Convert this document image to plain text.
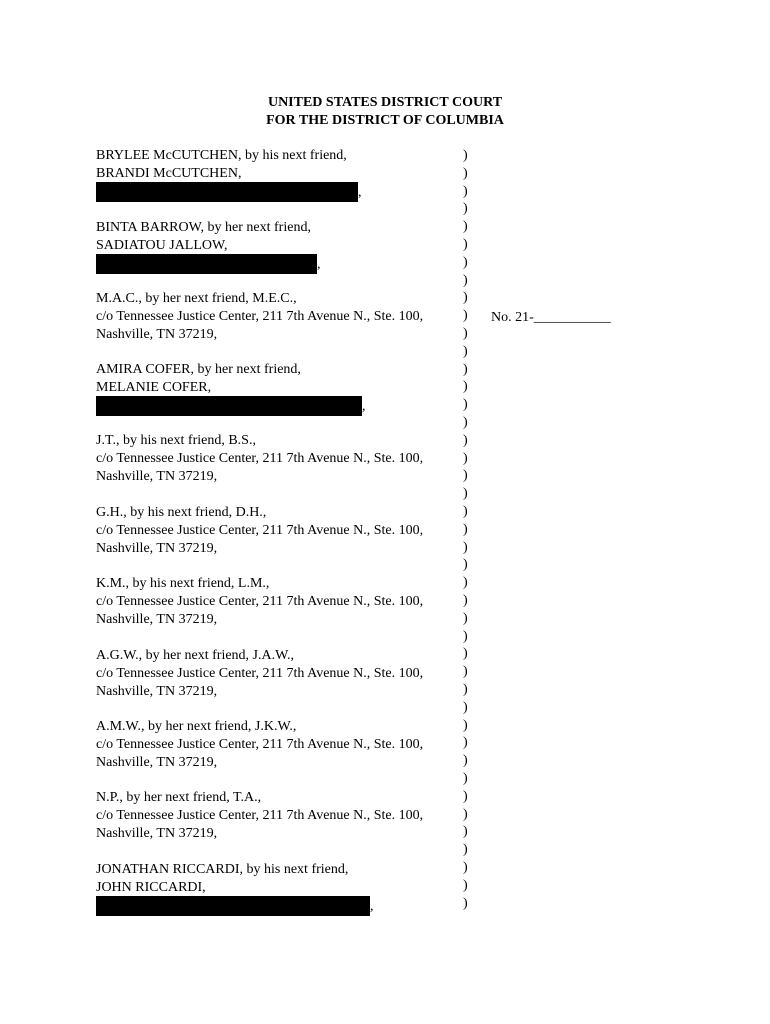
UNITED STATES DISTRICT COURT
FOR THE DISTRICT OF COLUMBIA
BRYLEE McCUTCHEN, by his next friend,
BRANDI McCUTCHEN,
,
BINTA BARROW, by her next friend,
SADIATOU JALLOW,
,
M.A.C., by her next friend, M.E.C.,
c/o Tennessee Justice Center, 211 7th Avenue N., Ste. 100,
Nashville, TN 37219,
AMIRA COFER, by her next friend,
MELANIE COFER,
,
J.T., by his next friend, B.S.,
c/o Tennessee Justice Center, 211 7th Avenue N., Ste. 100,
Nashville, TN 37219,
G.H., by his next friend, D.H.,
c/o Tennessee Justice Center, 211 7th Avenue N., Ste. 100,
Nashville, TN 37219,
K.M., by his next friend, L.M.,
c/o Tennessee Justice Center, 211 7th Avenue N., Ste. 100,
Nashville, TN 37219,
A.G.W., by her next friend, J.A.W.,
c/o Tennessee Justice Center, 211 7th Avenue N., Ste. 100,
Nashville, TN 37219,
A.M.W., by her next friend, J.K.W.,
c/o Tennessee Justice Center, 211 7th Avenue N., Ste. 100,
Nashville, TN 37219,
N.P., by her next friend, T.A.,
c/o Tennessee Justice Center, 211 7th Avenue N., Ste. 100,
Nashville, TN 37219,
JONATHAN RICCARDI, by his next friend,
JOHN RICCARDI,
,
No. 21-___________
)
)
)
)
)
)
)
)
)
)
)
)
)
)
)
)
)
)
)
)
)
)
)
)
)
)
)
)
)
)
)
)
)
)
)
)
)
)
)
)
)
)
)
